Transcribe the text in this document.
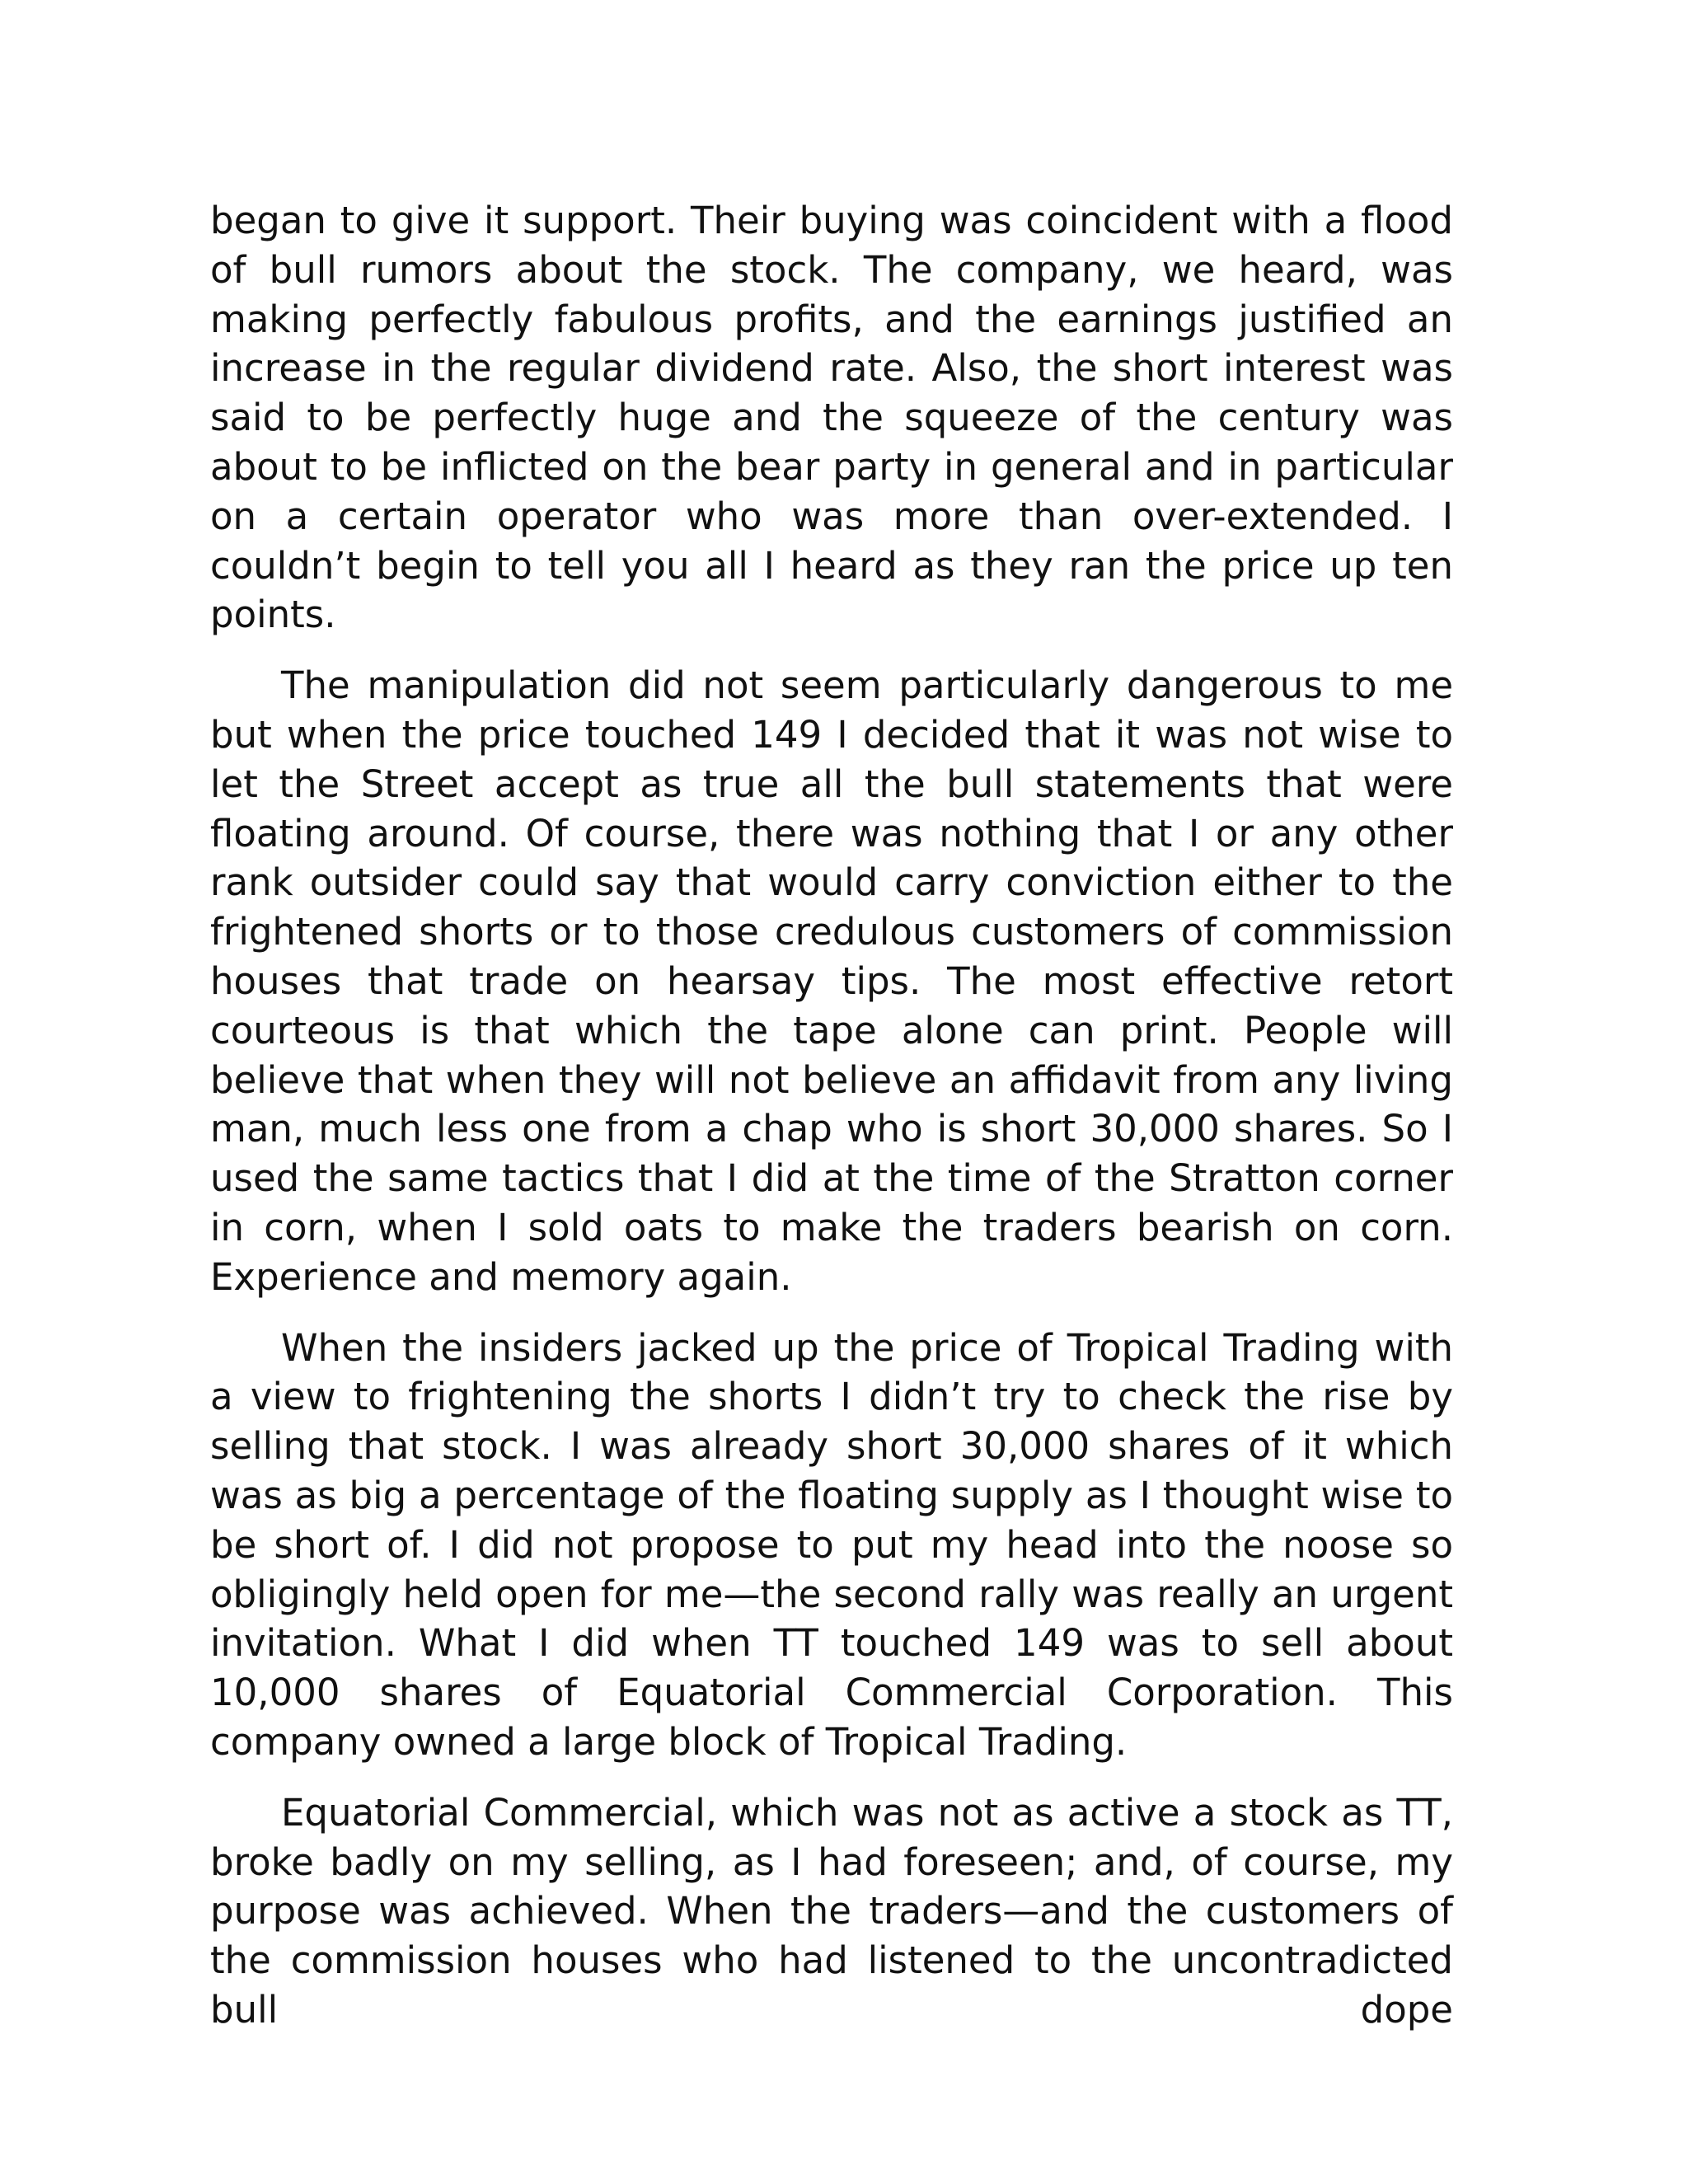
began to give it support. Their buying was coincident with a flood of bull rumors about the stock. The company, we heard, was making perfectly fabulous profits, and the earnings justified an increase in the regular dividend rate. Also, the short interest was said to be perfectly huge and the squeeze of the century was about to be inflicted on the bear party in general and in particular on a certain operator who was more than over-extended. I couldn’t begin to tell you all I heard as they ran the price up ten points.

The manipulation did not seem particularly dangerous to me but when the price touched 149 I decided that it was not wise to let the Street accept as true all the bull statements that were floating around. Of course, there was nothing that I or any other rank outsider could say that would carry conviction either to the frightened shorts or to those credulous customers of commission houses that trade on hearsay tips. The most effective retort courteous is that which the tape alone can print. People will believe that when they will not believe an affidavit from any living man, much less one from a chap who is short 30,000 shares. So I used the same tactics that I did at the time of the Stratton corner in corn, when I sold oats to make the traders bearish on corn. Experience and memory again.

When the insiders jacked up the price of Tropical Trading with a view to frightening the shorts I didn’t try to check the rise by selling that stock. I was already short 30,000 shares of it which was as big a percentage of the floating supply as I thought wise to be short of. I did not propose to put my head into the noose so obligingly held open for me—the second rally was really an urgent invitation. What I did when TT touched 149 was to sell about 10,000 shares of Equatorial Commercial Corporation. This company owned a large block of Tropical Trading.

Equatorial Commercial, which was not as active a stock as TT, broke badly on my selling, as I had foreseen; and, of course, my purpose was achieved. When the traders—and the customers of the commission houses who had listened to the uncontradicted bull dope
